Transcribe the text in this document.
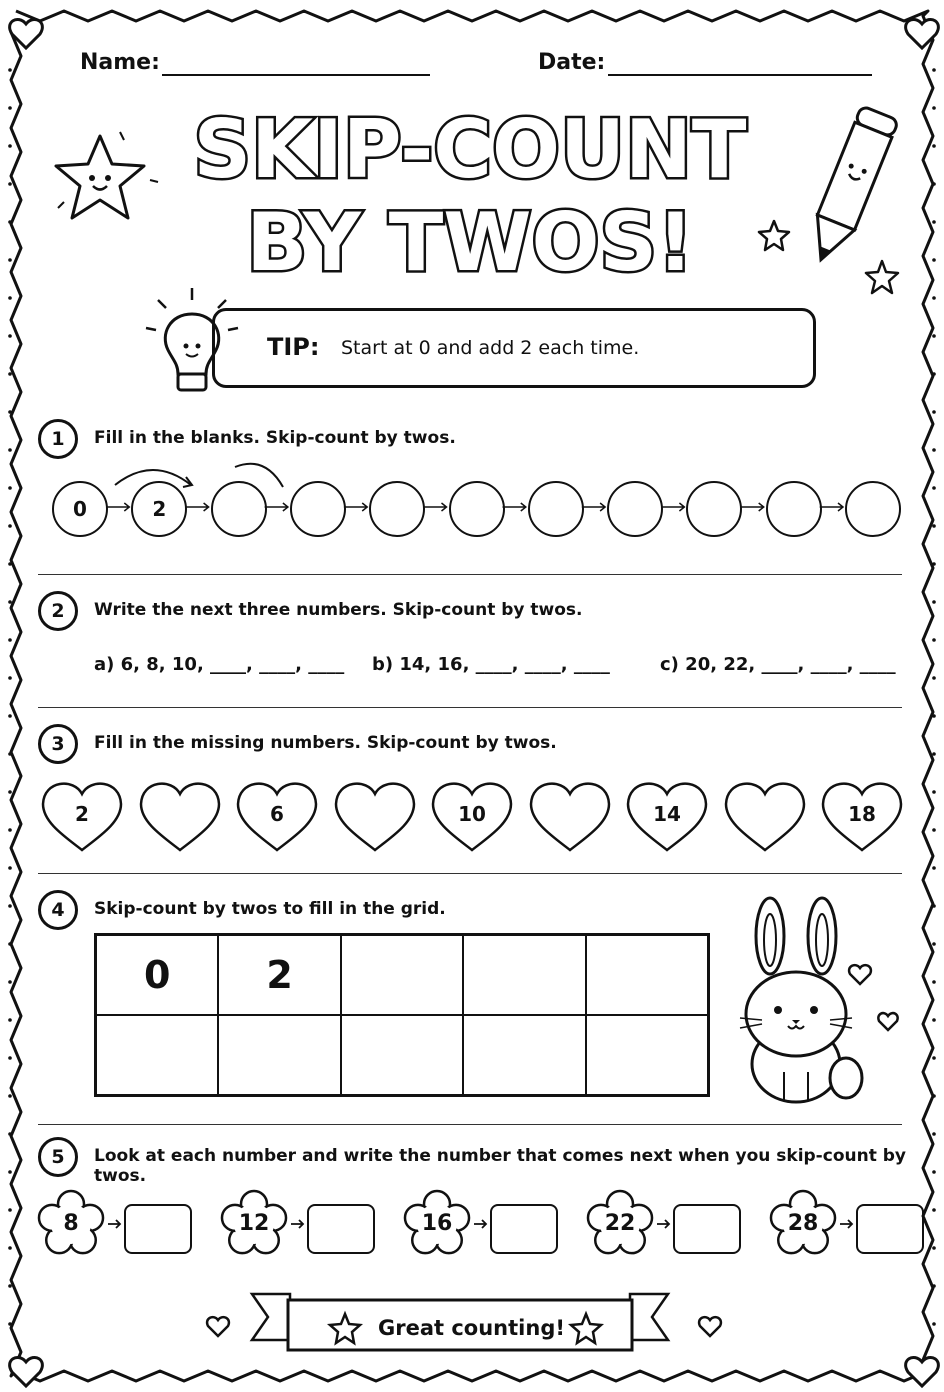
Name:	Date:
SKIP-COUNT
BY TWOS!
TIP: Start at 0 and add 2 each time.
1	Fill in the blanks. Skip-count by twos.
0	2
2	Write the next three numbers. Skip-count by twos.
a) 6, 8, 10, ____, ____, ____ b) 14, 16, ____, ____, ____	c) 20, 22, ____, ____, ____
3	Fill in the missing numbers. Skip-count by twos.
2	6	10	14	18
4	Skip-count by twos to fill in the grid.
0	2
5	Look at each number and write the number that comes next when you skip-count by twos.
8	12	16	22	28
Great counting!
